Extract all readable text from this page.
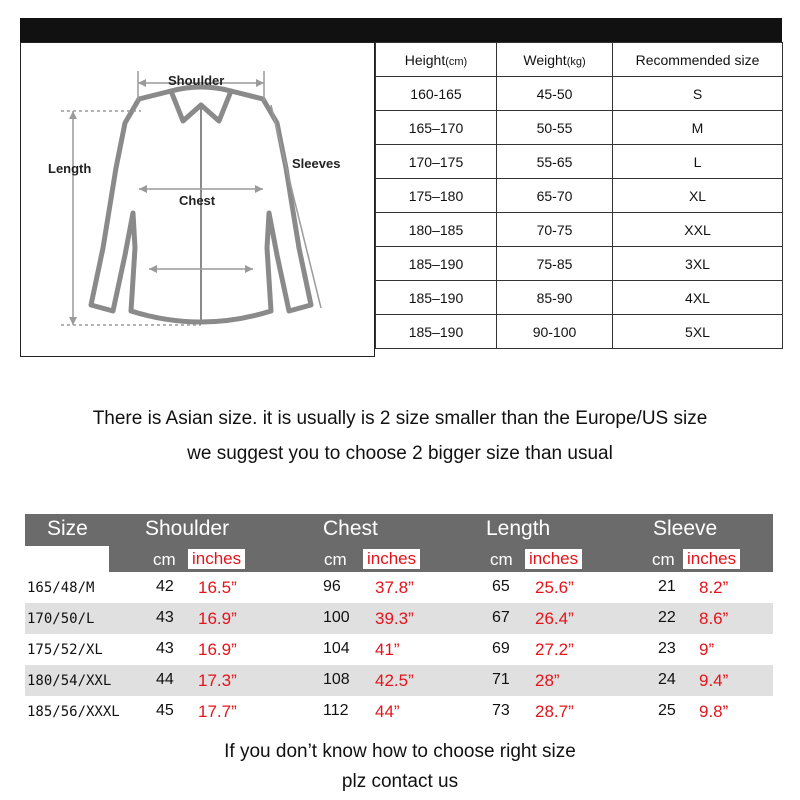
Shoulder
Length	Sleeves
Chest
Height(cm)	Weight(kg)	Recommended size
160-165	45-50	S
165–170	50-55	M
170–175	55-65	L
175–180	65-70	XL
180–185	70-75	XXL
185–190	75-85	3XL
185–190	85-90	4XL
185–190	90-100	5XL
There is Asian size. it is usually is 2 size smaller than the Europe/US size
we suggest you to choose 2 bigger size than usual
Size	Shoulder	Chest	Length	Sleeve
cm inches	cm inches	cm inches	cm inches
165/48/M	42 16.5”	96 37.8”	65 25.6”	21 8.2”
170/50/L	43 16.9”	100 39.3”	67 26.4”	22 8.6”
175/52/XL	43 16.9”	104 41”	69 27.2”	23 9”
180/54/XXL	44 17.3”	108 42.5”	71 28”	24 9.4”
185/56/XXXL 45 17.7”	112 44”	73 28.7”	25 9.8”
If you don’t know how to choose right size
plz contact us
